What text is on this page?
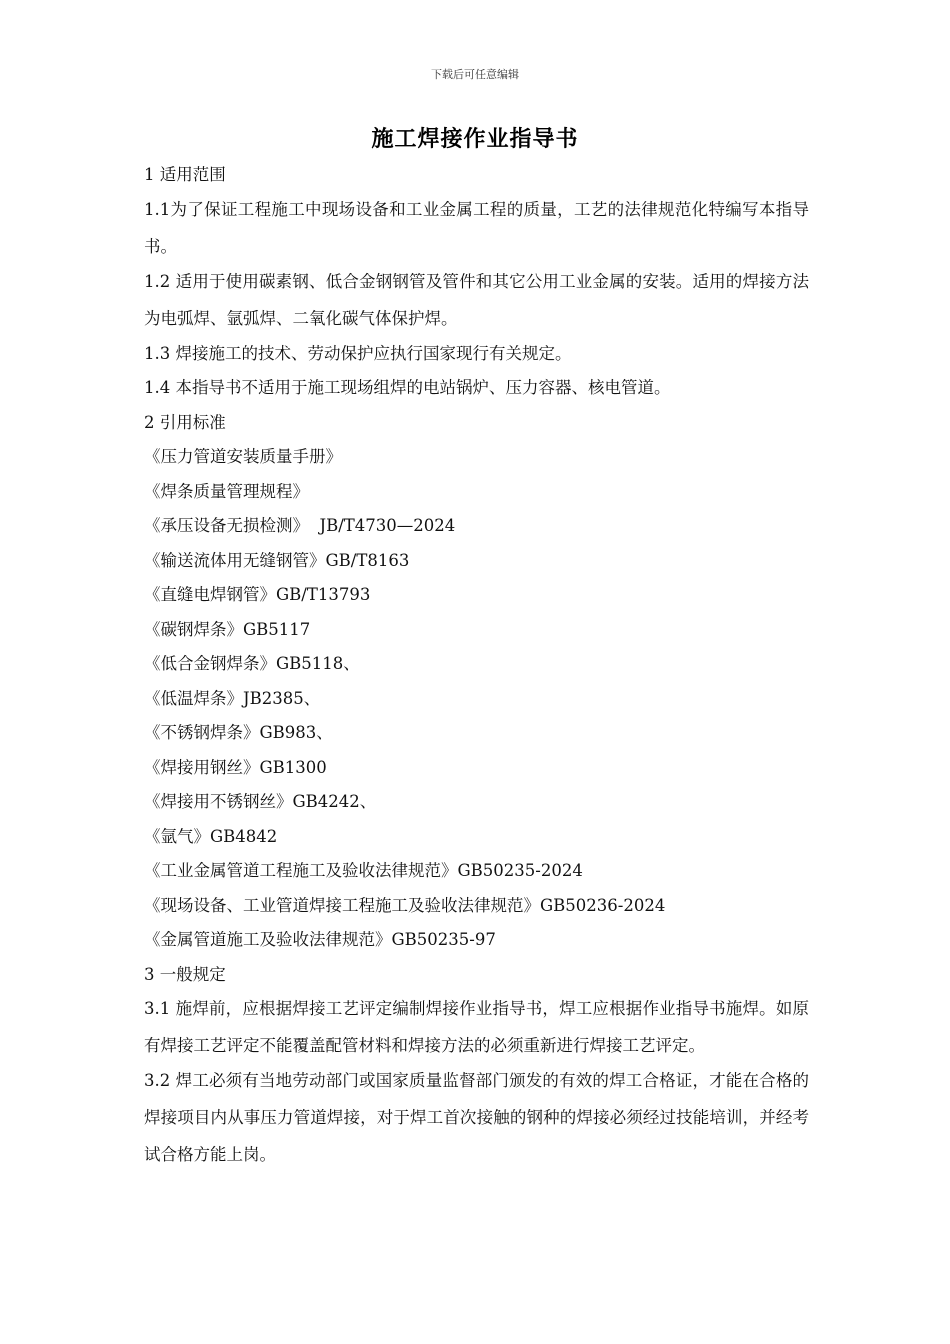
下载后可任意编辑
施工焊接作业指导书
1 适用范围
1.1为了保证工程施工中现场设备和工业金属工程的质量，工艺的法律规范化特编写本指导书。
1.2 适用于使用碳素钢、低合金钢钢管及管件和其它公用工业金属的安装。适用的焊接方法为电弧焊、氩弧焊、二氧化碳气体保护焊。
1.3 焊接施工的技术、劳动保护应执行国家现行有关规定。
1.4 本指导书不适用于施工现场组焊的电站锅炉、压力容器、核电管道。
2 引用标准
《压力管道安装质量手册》
《焊条质量管理规程》
《承压设备无损检测》  JB/T4730—2024
《输送流体用无缝钢管》GB/T8163
《直缝电焊钢管》GB/T13793
《碳钢焊条》GB5117
《低合金钢焊条》GB5118、
《低温焊条》JB2385、
《不锈钢焊条》GB983、
《焊接用钢丝》GB1300
《焊接用不锈钢丝》GB4242、
《氩气》GB4842
《工业金属管道工程施工及验收法律规范》GB50235-2024
《现场设备、工业管道焊接工程施工及验收法律规范》GB50236-2024
《金属管道施工及验收法律规范》GB50235-97
3 一般规定
3.1 施焊前，应根据焊接工艺评定编制焊接作业指导书，焊工应根据作业指导书施焊。如原有焊接工艺评定不能覆盖配管材料和焊接方法的必须重新进行焊接工艺评定。
3.2 焊工必须有当地劳动部门或国家质量监督部门颁发的有效的焊工合格证，才能在合格的焊接项目内从事压力管道焊接，对于焊工首次接触的钢种的焊接必须经过技能培训，并经考试合格方能上岗。
